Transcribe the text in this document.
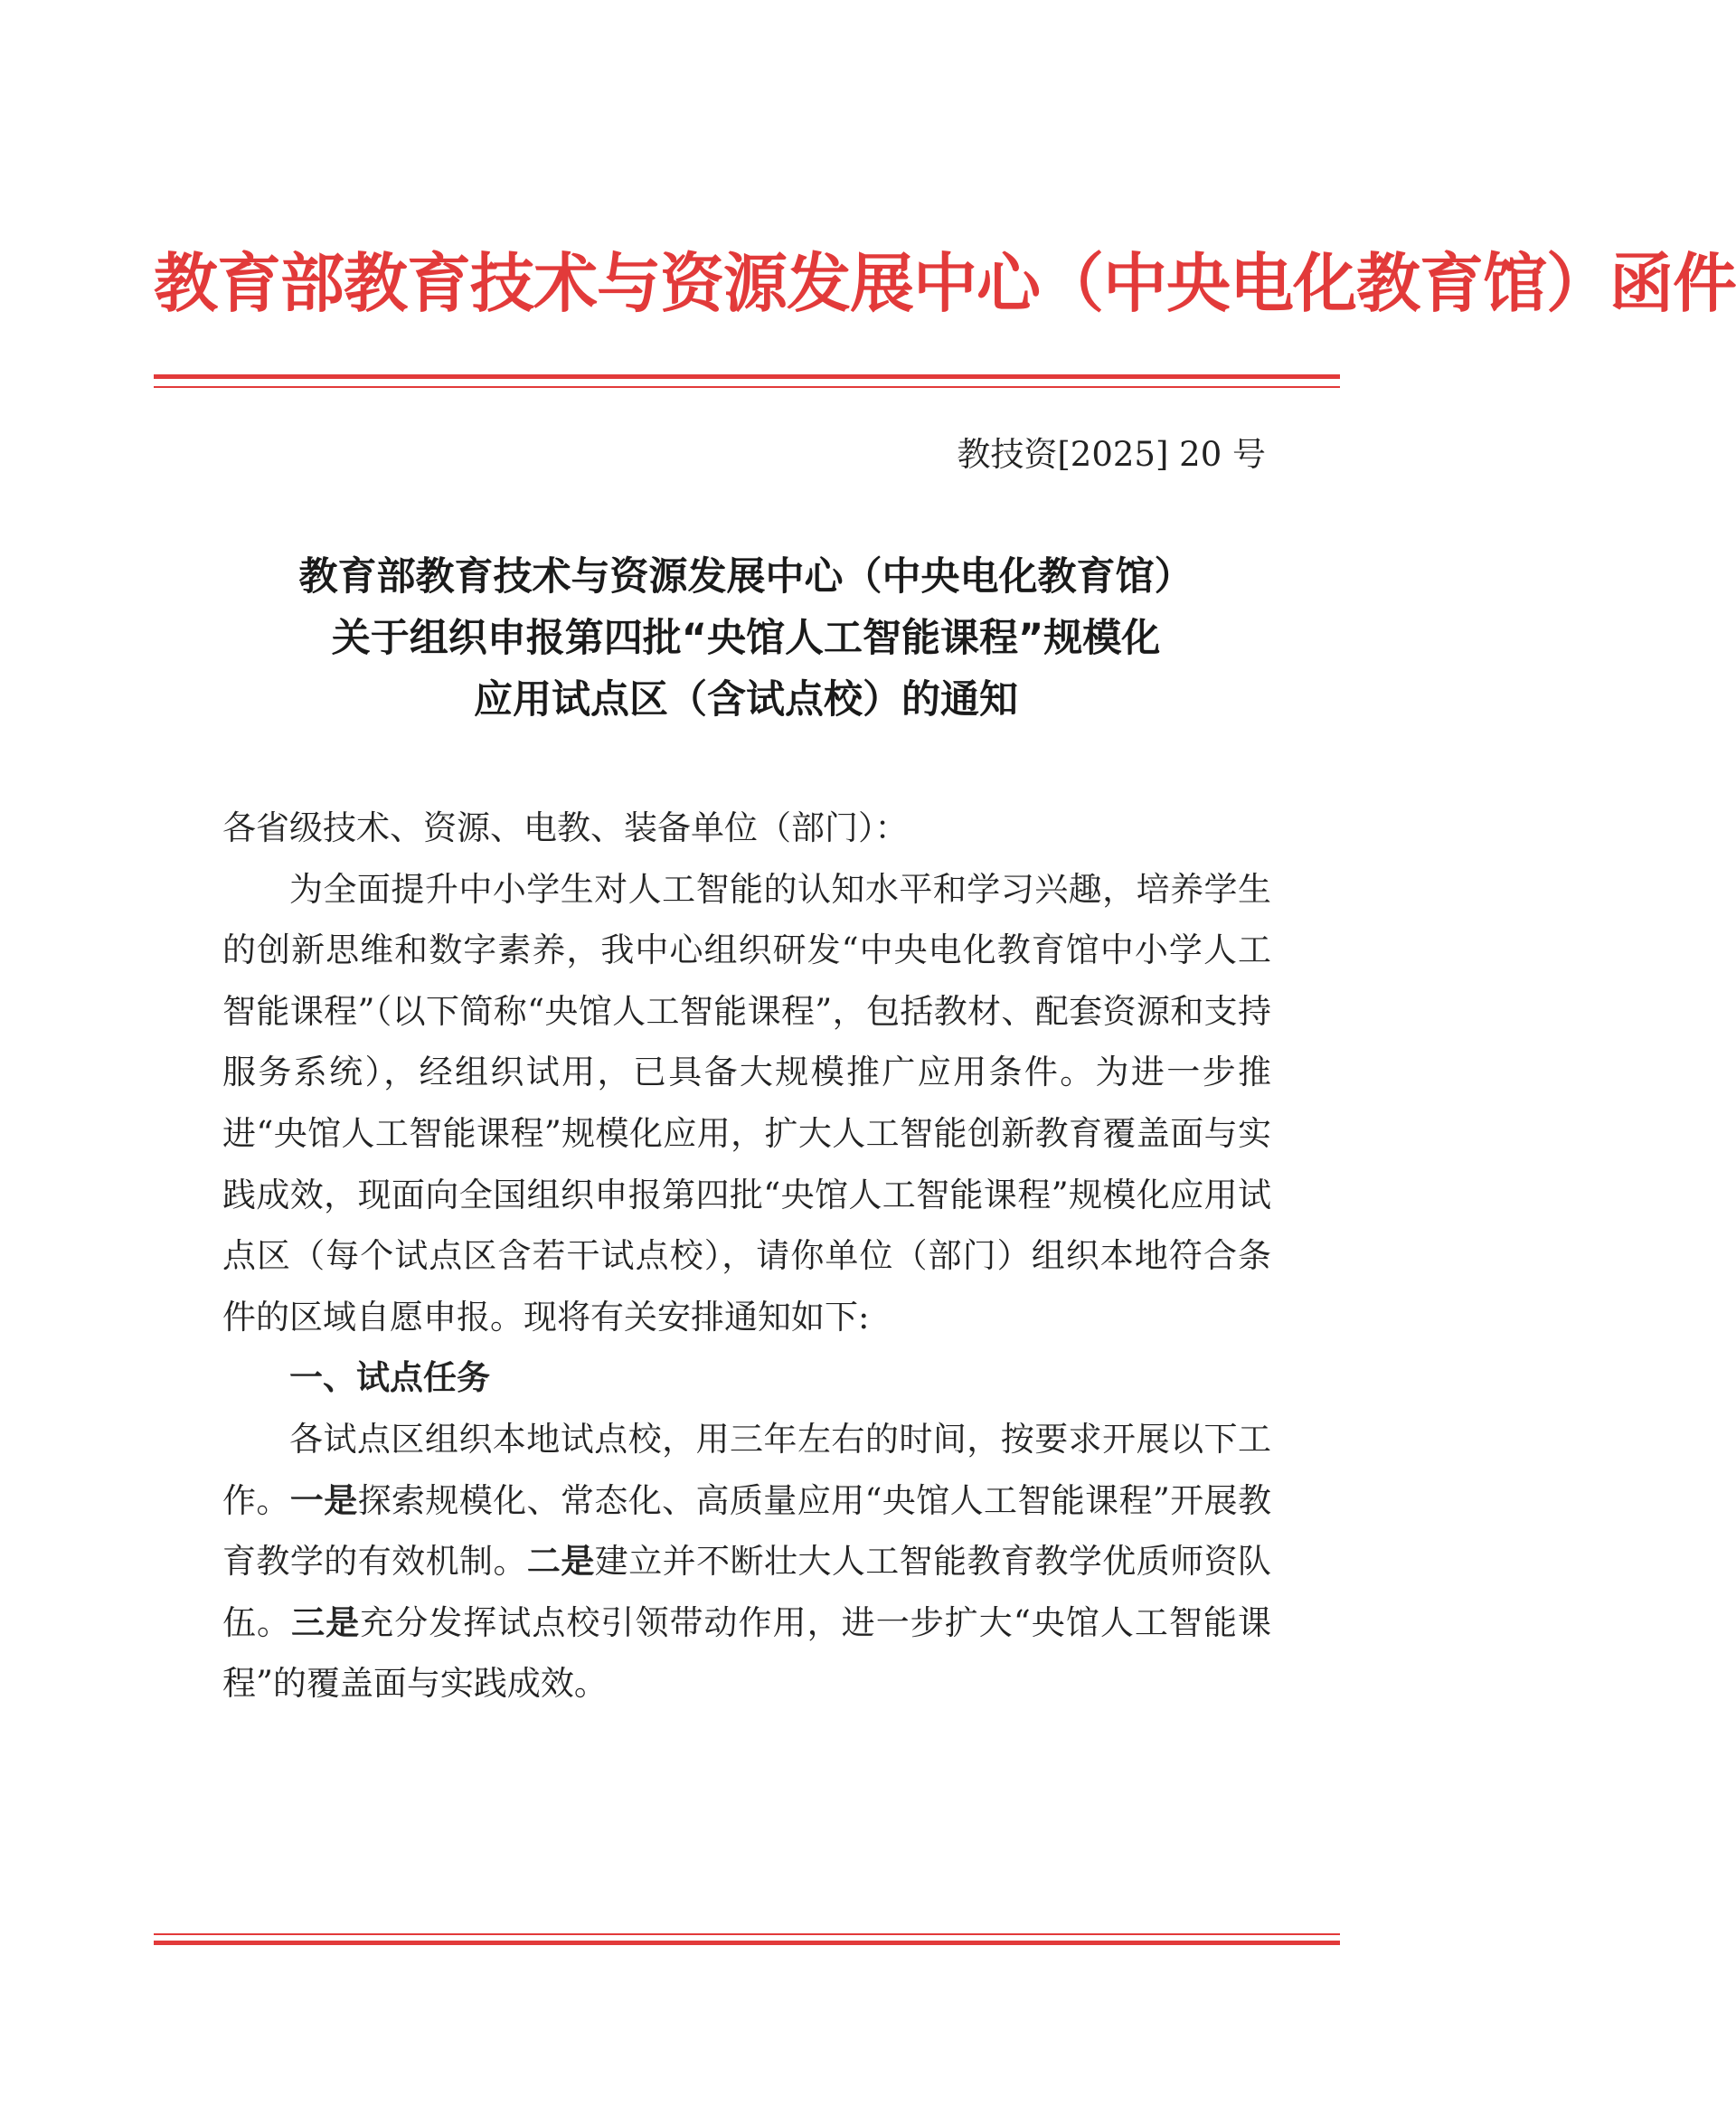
教育部教育技术与资源发展中心（中央电化教育馆）函件
教技资[2025] 20 号
教育部教育技术与资源发展中心（中央电化教育馆）
关于组织申报第四批“央馆人工智能课程”规模化
应用试点区（含试点校）的通知

各省级技术、资源、电教、装备单位（部门）：

为全面提升中小学生对人工智能的认知水平和学习兴趣，培养学生的创新思维和数字素养，我中心组织研发“中央电化教育馆中小学人工智能课程”（以下简称“央馆人工智能课程”，包括教材、配套资源和支持服务系统），经组织试用，已具备大规模推广应用条件。为进一步推进“央馆人工智能课程”规模化应用，扩大人工智能创新教育覆盖面与实践成效，现面向全国组织申报第四批“央馆人工智能课程”规模化应用试点区（每个试点区含若干试点校），请你单位（部门）组织本地符合条件的区域自愿申报。现将有关安排通知如下:

一、试点任务

各试点区组织本地试点校，用三年左右的时间，按要求开展以下工作。一是探索规模化、常态化、高质量应用“央馆人工智能课程”开展教育教学的有效机制。二是建立并不断壮大人工智能教育教学优质师资队伍。三是充分发挥试点校引领带动作用，进一步扩大“央馆人工智能课程”的覆盖面与实践成效。
